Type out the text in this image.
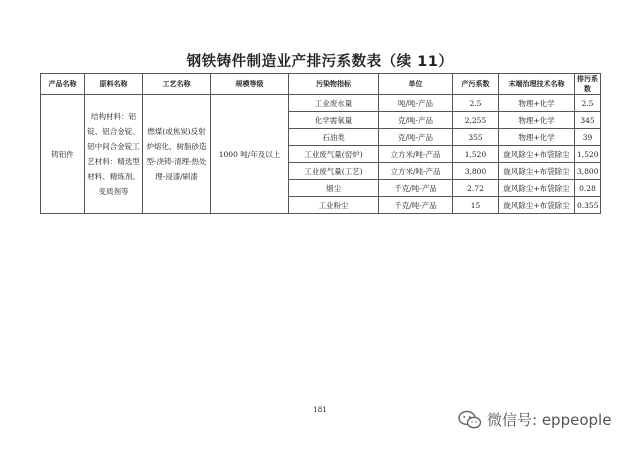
钢铁铸件制造业产排污系数表（续 11）
产品名称	原料名称	工艺名称	规模等级	污染物指标	单位	产污系数	末端治理技术名称	排污系数
铸铝件	结构材料：铝锭、铝合金锭、铝中间合金锭工艺材料：精选型材料、精炼剂、变质剂等	燃煤(或焦炭)反射炉熔化，树脂砂造型-浇铸-清理-热处理-浸漆/刷漆	1000 吨/年及以上	工业废水量	吨/吨-产品	2.5	物理+化学	2.5
				化学需氧量	克/吨-产品	2,255	物理+化学	345
				石油类	克/吨-产品	355	物理+化学	39
				工业废气量(窑炉)	立方米/吨-产品	1,520	旋风除尘+布袋除尘	1,520
				工业废气量(工艺)	立方米/吨-产品	3,800	旋风除尘+布袋除尘	3,800
				烟尘	千克/吨-产品	2.72	旋风除尘+布袋除尘	0.28
				工业粉尘	千克/吨-产品	15	旋风除尘+布袋除尘	0.355
181
微信号: eppeople
